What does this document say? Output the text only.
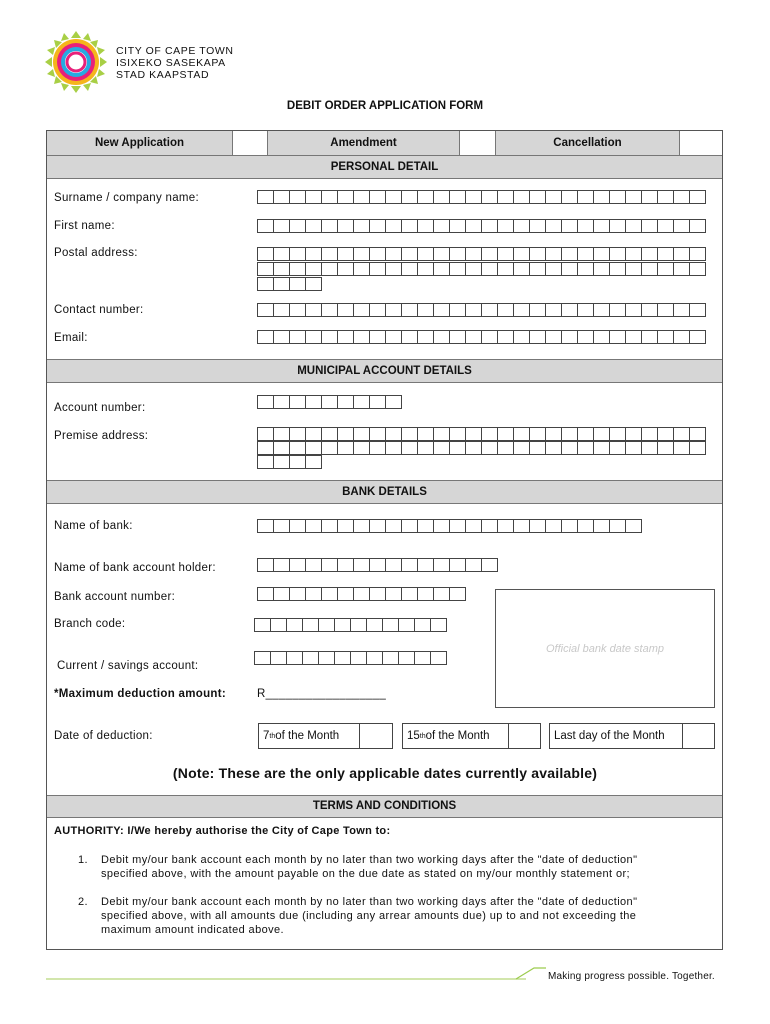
CITY OF CAPE TOWN
ISIXEKO SASEKAPA
STAD KAAPSTAD
DEBIT ORDER APPLICATION FORM
New Application	Amendment	Cancellation
PERSONAL DETAIL
Surname / company name:
First name:
Postal address:
Contact number:
Email:
MUNICIPAL ACCOUNT DETAILS
Account number:
Premise address:
BANK DETAILS
Name of bank:
Name of bank account holder:
Bank account number:
Branch code:
Current / savings account:
*Maximum deduction amount:	R__________________
Official bank date stamp
Date of deduction:	7 th of the Month	15 th of the Month	Last day of the Month
(Note: These are the only applicable dates currently available)
TERMS AND CONDITIONS
AUTHORITY: I/We hereby authorise the City of Cape Town to:
1. Debit my/our bank account each month by no later than two working days after the "date of deduction"
specified above, with the amount payable on the due date as stated on my/our monthly statement or;
2. Debit my/our bank account each month by no later than two working days after the "date of deduction"
specified above, with all amounts due (including any arrear amounts due) up to and not exceeding the
maximum amount indicated above.
Making progress possible. Together.
